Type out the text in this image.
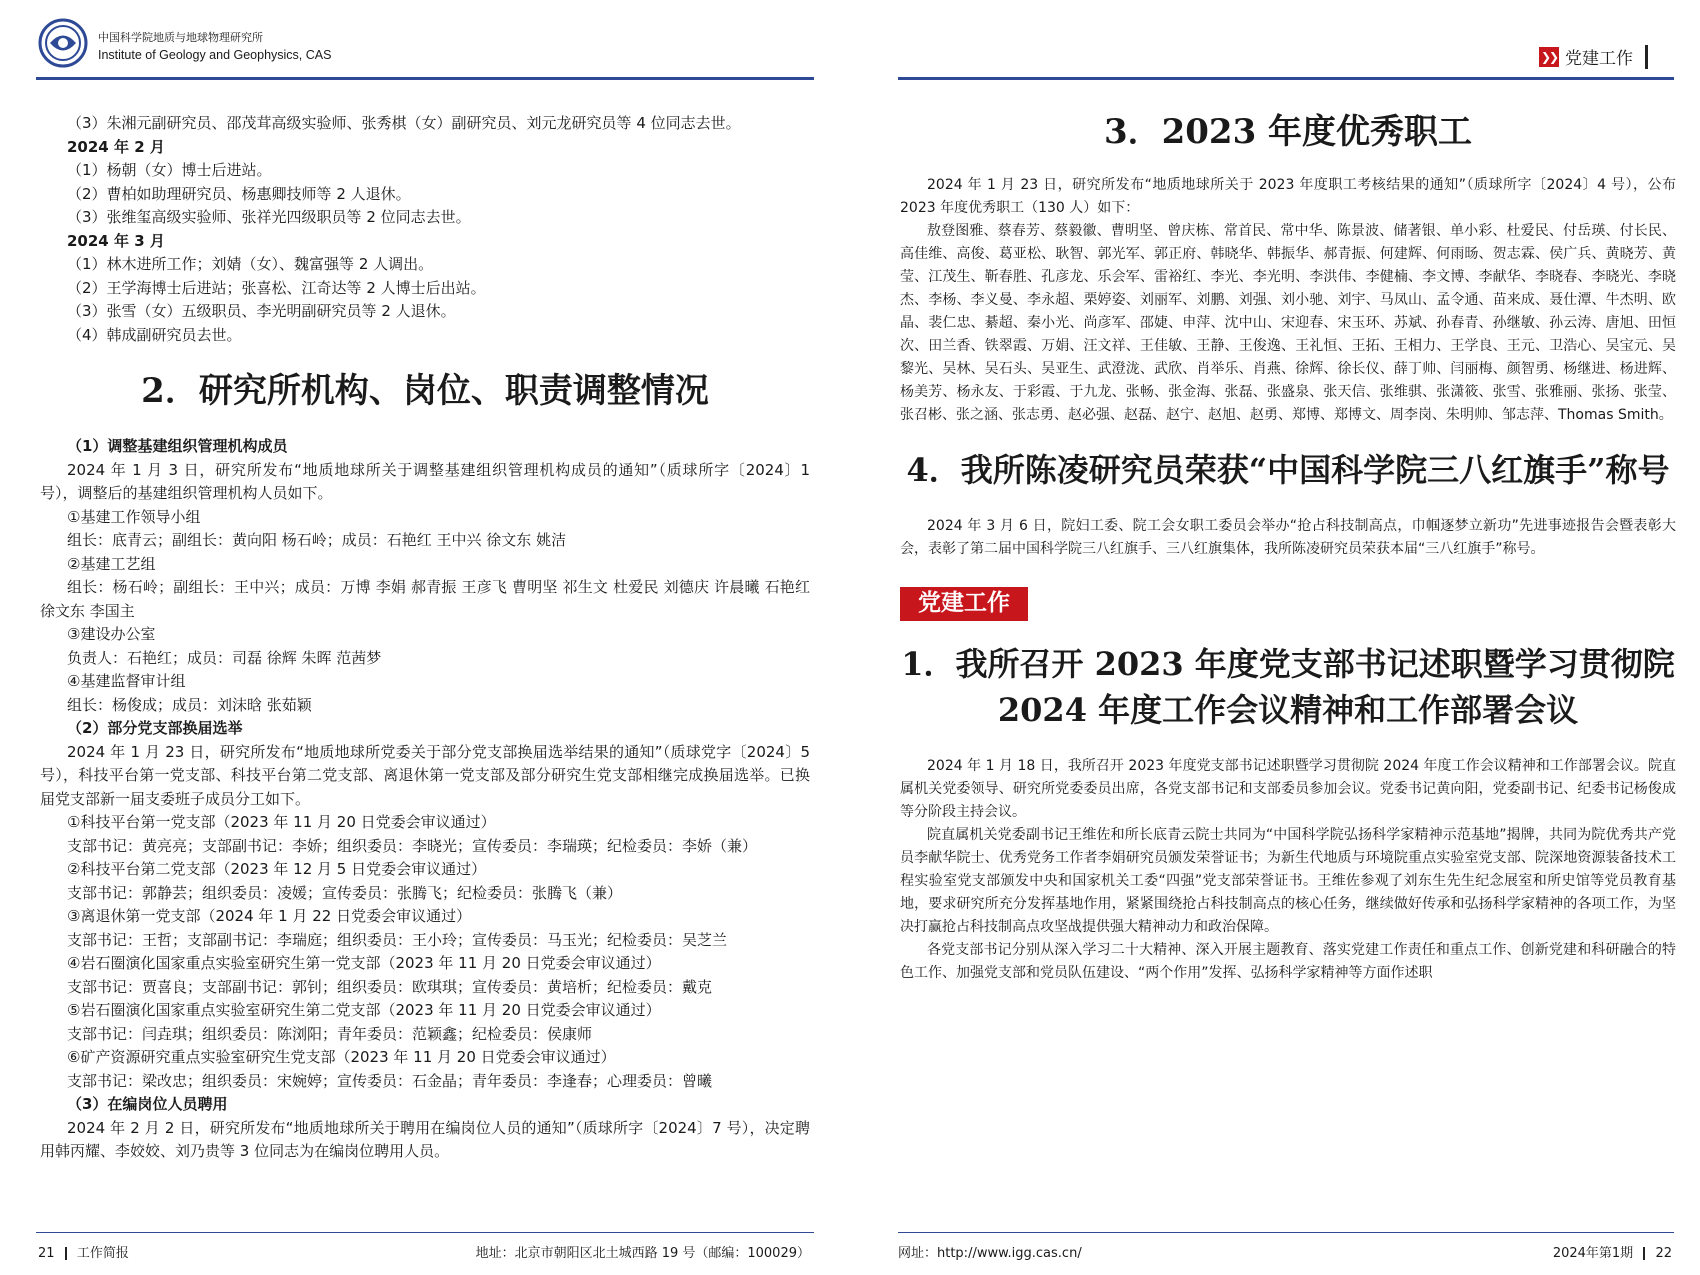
中国科学院地质与地球物理研究所
Institute of Geology and Geophysics, CAS

（3）朱湘元副研究员、邵茂茸高级实验师、张秀棋（女）副研究员、刘元龙研究员等 4 位同志去世。

2024 年 2 月

（1）杨朝（女）博士后进站。

（2）曹柏如助理研究员、杨惠卿技师等 2 人退休。

（3）张维玺高级实验师、张祥光四级职员等 2 位同志去世。

2024 年 3 月

（1）林木进所工作；刘婧（女）、魏富强等 2 人调出。

（2）王学海博士后进站；张喜松、江奇达等 2 人博士后出站。

（3）张雪（女）五级职员、李光明副研究员等 2 人退休。

（4）韩成副研究员去世。

2．研究所机构、岗位、职责调整情况

（1）调整基建组织管理机构成员

2024 年 1 月 3 日，研究所发布“地质地球所关于调整基建组织管理机构成员的通知”（质球所字〔2024〕1 号），调整后的基建组织管理机构人员如下。

①基建工作领导小组

组长：底青云；副组长：黄向阳 杨石岭；成员：石艳红 王中兴 徐文东 姚洁

②基建工艺组

组长：杨石岭；副组长：王中兴；成员：万博 李娟 郝青振 王彦飞 曹明坚 祁生文 杜爱民 刘德庆 许晨曦 石艳红 徐文东 李国主

③建设办公室

负责人：石艳红；成员：司磊 徐辉 朱晖 范茜梦

④基建监督审计组

组长：杨俊成；成员：刘沫晗 张茹颖

（2）部分党支部换届选举

2024 年 1 月 23 日，研究所发布“地质地球所党委关于部分党支部换届选举结果的通知”（质球党字〔2024〕5 号），科技平台第一党支部、科技平台第二党支部、离退休第一党支部及部分研究生党支部相继完成换届选举。已换届党支部新一届支委班子成员分工如下。

①科技平台第一党支部（2023 年 11 月 20 日党委会审议通过）

支部书记：黄亮亮；支部副书记：李娇；组织委员：李晓光；宣传委员：李瑞瑛；纪检委员：李娇（兼）

②科技平台第二党支部（2023 年 12 月 5 日党委会审议通过）

支部书记：郭静芸；组织委员：凌媛；宣传委员：张腾飞；纪检委员：张腾飞（兼）

③离退休第一党支部（2024 年 1 月 22 日党委会审议通过）

支部书记：王哲；支部副书记：李瑞庭；组织委员：王小玲；宣传委员：马玉光；纪检委员：吴芝兰

④岩石圈演化国家重点实验室研究生第一党支部（2023 年 11 月 20 日党委会审议通过）

支部书记：贾喜良；支部副书记：郭钊；组织委员：欧琪琪；宣传委员：黄培析；纪检委员：戴克

⑤岩石圈演化国家重点实验室研究生第二党支部（2023 年 11 月 20 日党委会审议通过）

支部书记：闫垚琪；组织委员：陈浏阳；青年委员：范颖鑫；纪检委员：侯康师

⑥矿产资源研究重点实验室研究生党支部（2023 年 11 月 20 日党委会审议通过）

支部书记：梁改忠；组织委员：宋婉婷；宣传委员：石金晶；青年委员：李逢春；心理委员：曾曦

（3）在编岗位人员聘用

2024 年 2 月 2 日，研究所发布“地质地球所关于聘用在编岗位人员的通知”（质球所字〔2024〕7 号），决定聘用韩丙耀、李姣姣、刘乃贵等 3 位同志为在编岗位聘用人员。

21 工作简报	地址：北京市朝阳区北土城西路 19 号（邮编：100029）
❯❯ 党建工作

3．2023 年度优秀职工

2024 年 1 月 23 日，研究所发布“地质地球所关于 2023 年度职工考核结果的通知”（质球所字〔2024〕4 号），公布 2023 年度优秀职工（130 人）如下：

敖登图雅、蔡春芳、蔡毅徽、曹明坚、曾庆栋、常首民、常中华、陈景波、储著银、单小彩、杜爱民、付岳瑛、付长民、高佳维、高俊、葛亚松、耿智、郭光军、郭正府、韩晓华、韩振华、郝青振、何建辉、何雨旸、贺志霖、侯广兵、黄晓芳、黄莹、江茂生、靳春胜、孔彦龙、乐会军、雷裕红、李光、李光明、李洪伟、李健楠、李文博、李献华、李晓春、李晓光、李晓杰、李杨、李义曼、李永超、栗婷姿、刘丽军、刘鹏、刘强、刘小驰、刘宇、马凤山、孟令通、苗来成、聂仕潭、牛杰明、欧晶、裴仁忠、綦超、秦小光、尚彦军、邵婕、申萍、沈中山、宋迎春、宋玉环、苏斌、孙春青、孙继敏、孙云涛、唐旭、田恒次、田兰香、铁翠霞、万娟、汪文祥、王佳敏、王静、王俊逸、王礼恒、王拓、王相力、王学良、王元、卫浩心、吴宝元、吴黎光、吴林、吴石头、吴亚生、武澄泷、武欣、肖举乐、肖燕、徐辉、徐长仪、薛丁帅、闫丽梅、颜智勇、杨继进、杨进辉、杨美芳、杨永友、于彩霞、于九龙、张畅、张金海、张磊、张盛泉、张天信、张维骐、张潇筱、张雪、张雅丽、张扬、张莹、张召彬、张之涵、张志勇、赵必强、赵磊、赵宁、赵旭、赵勇、郑博、郑博文、周李岗、朱明帅、邹志萍、Thomas Smith。

4．我所陈凌研究员荣获“中国科学院三八红旗手”称号

2024 年 3 月 6 日，院妇工委、院工会女职工委员会举办“抢占科技制高点，巾帼逐梦立新功”先进事迹报告会暨表彰大会，表彰了第二届中国科学院三八红旗手、三八红旗集体，我所陈凌研究员荣获本届“三八红旗手”称号。

党建工作

1．我所召开 2023 年度党支部书记述职暨学习贯彻院 2024 年度工作会议精神和工作部署会议

2024 年 1 月 18 日，我所召开 2023 年度党支部书记述职暨学习贯彻院 2024 年度工作会议精神和工作部署会议。院直属机关党委领导、研究所党委委员出席，各党支部书记和支部委员参加会议。党委书记黄向阳，党委副书记、纪委书记杨俊成等分阶段主持会议。

院直属机关党委副书记王维佐和所长底青云院士共同为“中国科学院弘扬科学家精神示范基地”揭牌，共同为院优秀共产党员李献华院士、优秀党务工作者李娟研究员颁发荣誉证书；为新生代地质与环境院重点实验室党支部、院深地资源装备技术工程实验室党支部颁发中央和国家机关工委“四强”党支部荣誉证书。王维佐参观了刘东生先生纪念展室和所史馆等党员教育基地，要求研究所充分发挥基地作用，紧紧围绕抢占科技制高点的核心任务，继续做好传承和弘扬科学家精神的各项工作，为坚决打赢抢占科技制高点攻坚战提供强大精神动力和政治保障。

各党支部书记分别从深入学习二十大精神、深入开展主题教育、落实党建工作责任和重点工作、创新党建和科研融合的特色工作、加强党支部和党员队伍建设、“两个作用”发挥、弘扬科学家精神等方面作述职

网址：http://www.igg.cas.cn/	2024年第1期 22
